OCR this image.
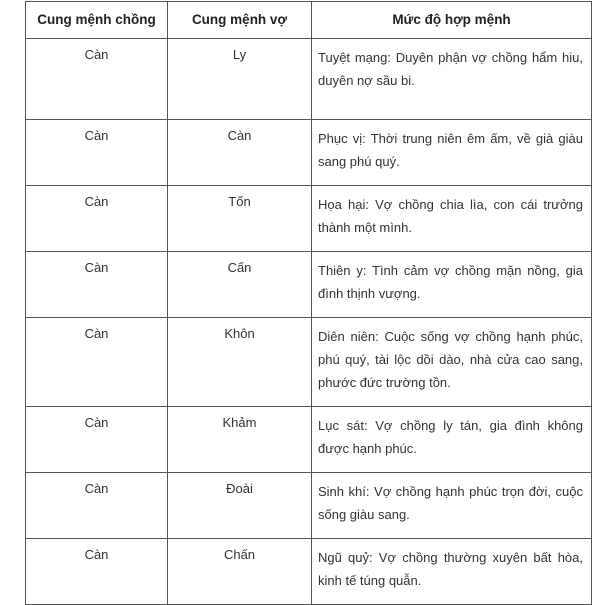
Cung mệnh chồng	Cung mệnh vợ	Mức độ hợp mệnh
Càn	Ly	Tuyệt mạng: Duyên phận vợ chồng hẩm hiu, duyên nợ sầu bi.
Càn	Càn	Phục vị: Thời trung niên êm ấm, về già giàu sang phú quý.
Càn	Tốn	Họa hại: Vợ chồng chia lìa, con cái trưởng thành một mình.
Càn	Cấn	Thiên y: Tình cảm vợ chồng mặn nồng, gia đình thịnh vượng.
Càn	Khôn	Diên niên: Cuộc sống vợ chồng hạnh phúc, phú quý, tài lộc dồi dào, nhà cửa cao sang, phước đức trường tồn.
Càn	Khảm	Lục sát: Vợ chồng ly tán, gia đình không được hạnh phúc.
Càn	Đoài	Sinh khí: Vợ chồng hạnh phúc trọn đời, cuộc sống giàu sang.
Càn	Chấn	Ngũ quỷ: Vợ chồng thường xuyên bất hòa, kinh tế túng quẫn.
